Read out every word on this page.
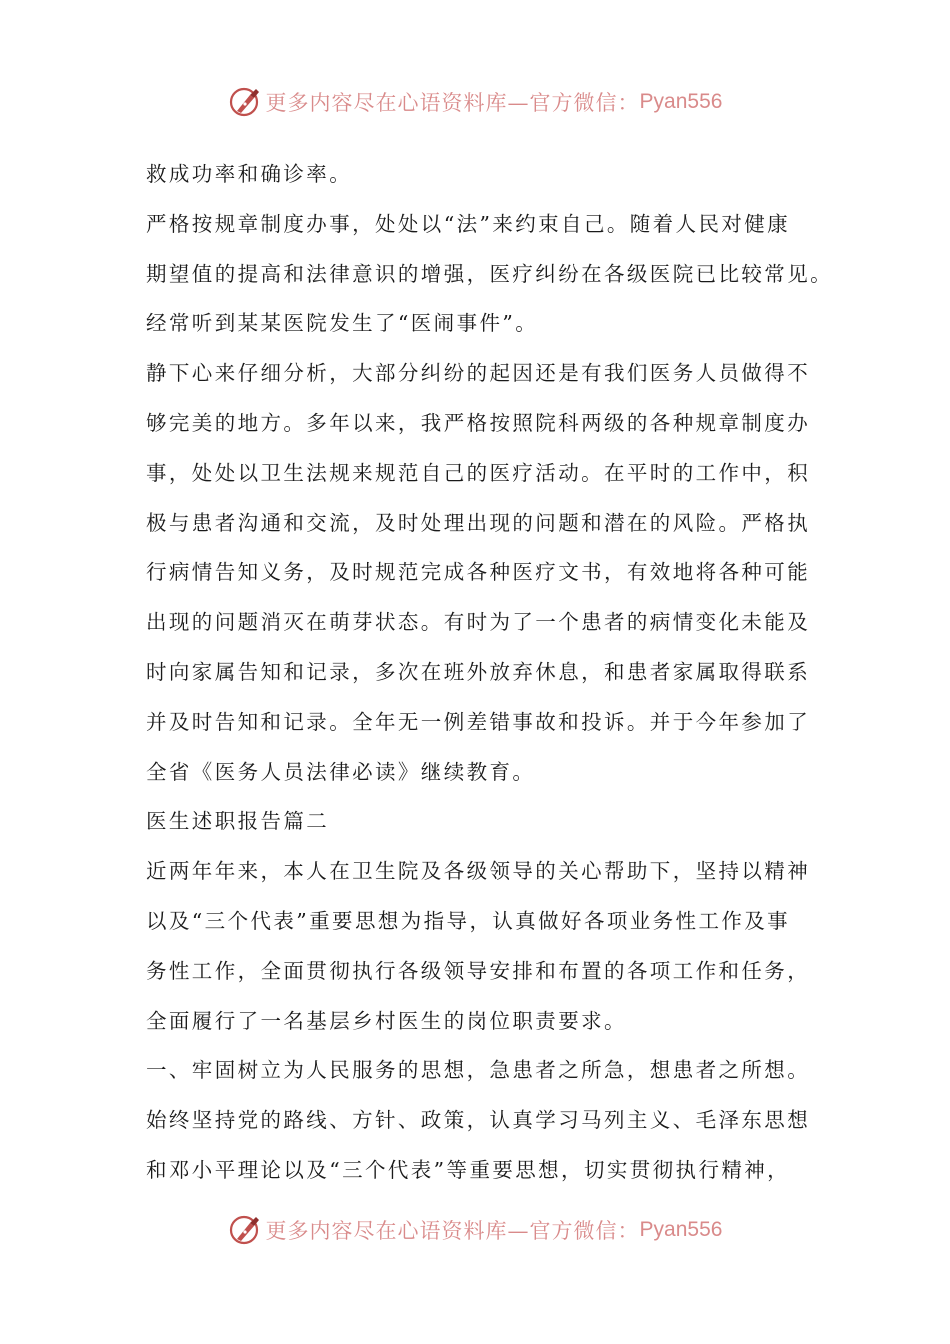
更多内容尽在心语资料库—官方微信： Pyan556
救成功率和确诊率。
严格按规章制度办事，处处以“法”来约束自己。随着人民对健康
期望值的提高和法律意识的增强，医疗纠纷在各级医院已比较常见。
经常听到某某医院发生了“医闹事件”。
静下心来仔细分析，大部分纠纷的起因还是有我们医务人员做得不
够完美的地方。多年以来，我严格按照院科两级的各种规章制度办
事，处处以卫生法规来规范自己的医疗活动。在平时的工作中，积
极与患者沟通和交流，及时处理出现的问题和潜在的风险。严格执
行病情告知义务，及时规范完成各种医疗文书，有效地将各种可能
出现的问题消灭在萌芽状态。有时为了一个患者的病情变化未能及
时向家属告知和记录，多次在班外放弃休息，和患者家属取得联系
并及时告知和记录。全年无一例差错事故和投诉。并于今年参加了
全省《医务人员法律必读》继续教育。
医生述职报告篇二
近两年年来，本人在卫生院及各级领导的关心帮助下，坚持以精神
以及“三个代表”重要思想为指导，认真做好各项业务性工作及事
务性工作，全面贯彻执行各级领导安排和布置的各项工作和任务，
全面履行了一名基层乡村医生的岗位职责要求。
一、牢固树立为人民服务的思想，急患者之所急，想患者之所想。
始终坚持党的路线、方针、政策，认真学习马列主义、毛泽东思想
和邓小平理论以及“三个代表”等重要思想，切实贯彻执行精神，
更多内容尽在心语资料库—官方微信： Pyan556
